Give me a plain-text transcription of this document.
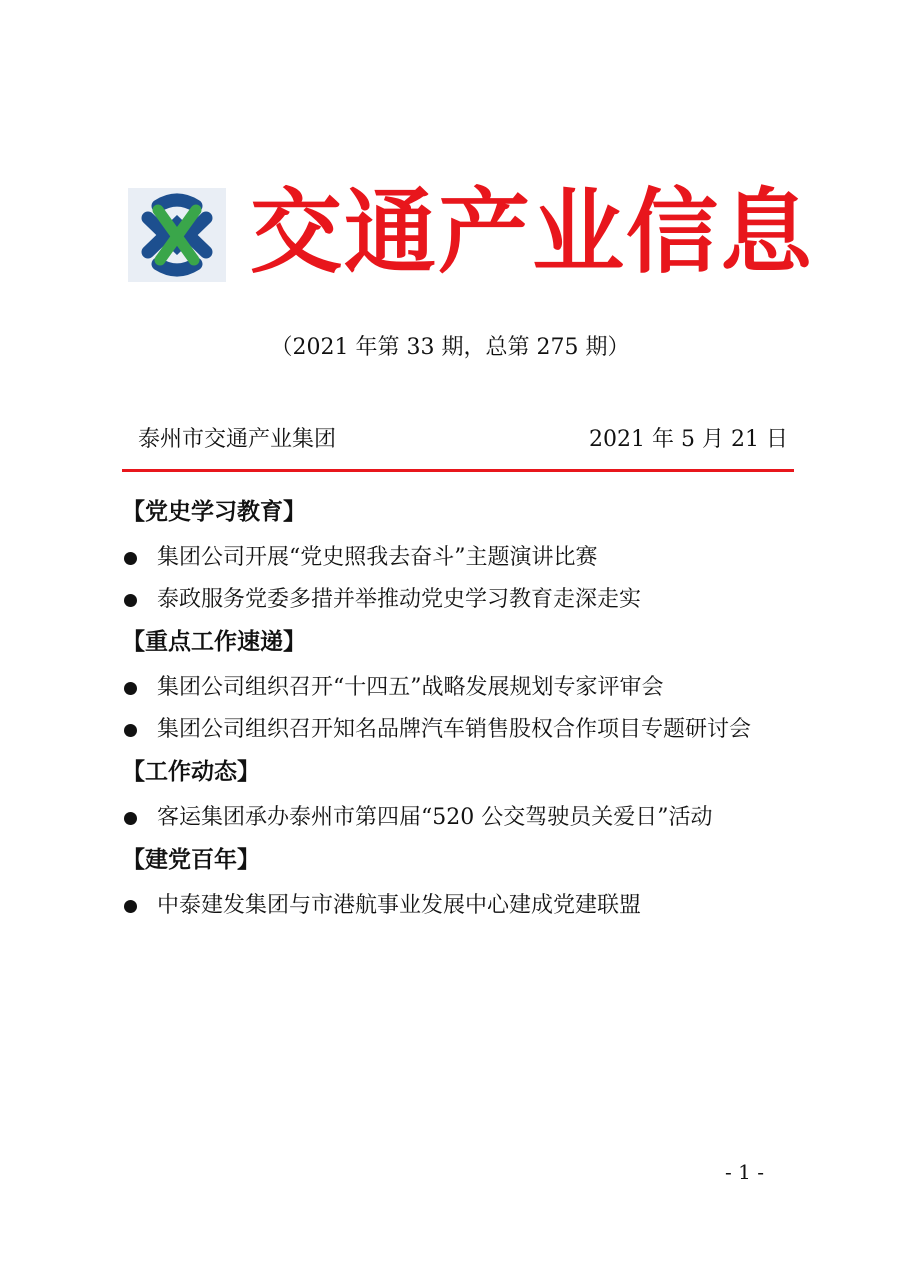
交通产业信息
（2021 年第 33 期，总第 275 期）
泰州市交通产业集团	2021 年 5 月 21 日
【党史学习教育】
集团公司开展“党史照我去奋斗”主题演讲比赛
泰政服务党委多措并举推动党史学习教育走深走实
【重点工作速递】
集团公司组织召开“十四五”战略发展规划专家评审会
集团公司组织召开知名品牌汽车销售股权合作项目专题研讨会
【工作动态】
客运集团承办泰州市第四届“520 公交驾驶员关爱日”活动
【建党百年】
中泰建发集团与市港航事业发展中心建成党建联盟
- 1 -
